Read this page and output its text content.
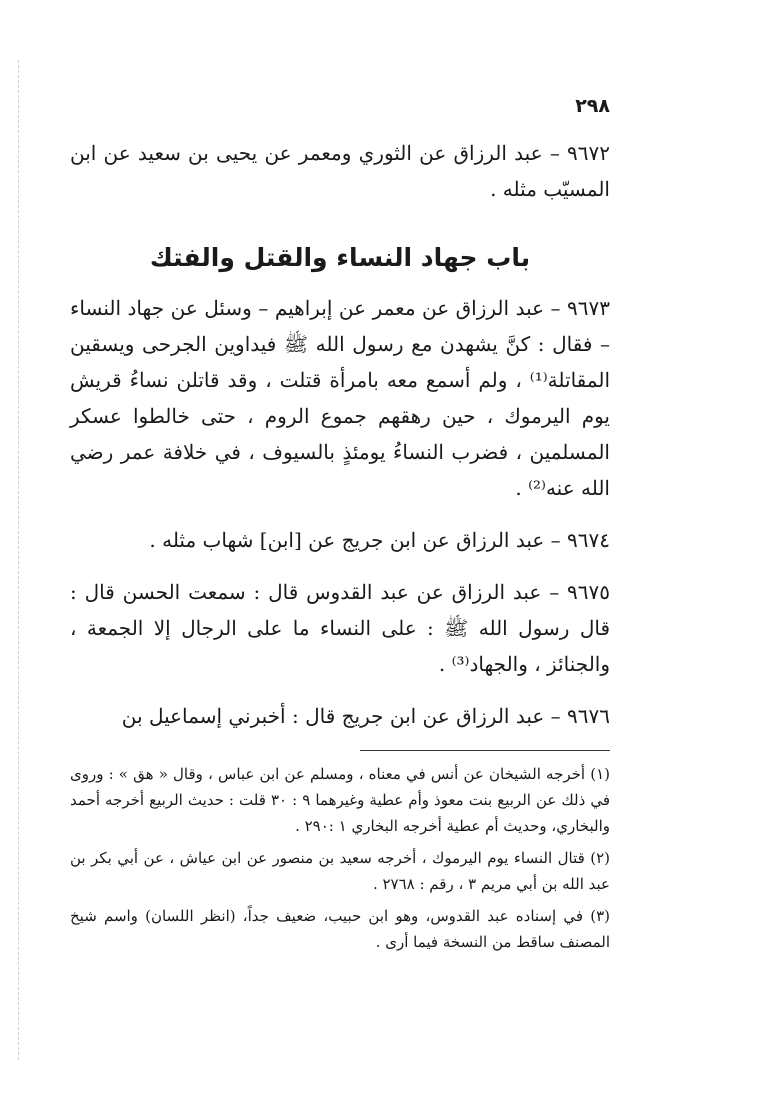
٢٩٨

٩٦٧٢ – عبد الرزاق عن الثوري ومعمر عن يحيى بن سعيد عن ابن المسيّب مثله .

باب جهاد النساء والقتل والفتك

٩٦٧٣ – عبد الرزاق عن معمر عن إبراهيم – وسئل عن جهاد النساء – فقال : كنَّ يشهدن مع رسول الله ﷺ فيداوين الجرحى ويسقين المقاتلة⁽¹⁾ ، ولم أسمع معه بامرأة قتلت ، وقد قاتلن نساءُ قريش يوم اليرموك ، حين رهقهم جموع الروم ، حتى خالطوا عسكر المسلمين ، فضرب النساءُ يومئذٍ بالسيوف ، في خلافة عمر رضي الله عنه⁽²⁾ .

٩٦٧٤ – عبد الرزاق عن ابن جريج عن [ابن] شهاب مثله .

٩٦٧٥ – عبد الرزاق عن عبد القدوس قال : سمعت الحسن قال : قال رسول الله ﷺ : على النساء ما على الرجال إلا الجمعة ، والجنائز ، والجهاد⁽³⁾ .

٩٦٧٦ – عبد الرزاق عن ابن جريج قال : أخبرني إسماعيل بن

(١) أخرجه الشيخان عن أنس في معناه ، ومسلم عن ابن عباس ، وقال « هق » : وروى في ذلك عن الربيع بنت معوذ وأم عطية وغيرهما ٩ : ٣٠ قلت : حديث الربيع أخرجه أحمد والبخاري، وحديث أم عطية أخرجه البخاري ١ :٢٩٠ .

(٢) قتال النساء يوم اليرموك ، أخرجه سعيد بن منصور عن ابن عياش ، عن أبي بكر بن عبد الله بن أبي مريم ٣ ، رقم : ٢٧٦٨ .

(٣) في إسناده عبد القدوس، وهو ابن حبيب، ضعيف جداً، (انظر اللسان) واسم شيخ المصنف ساقط من النسخة فيما أرى .
